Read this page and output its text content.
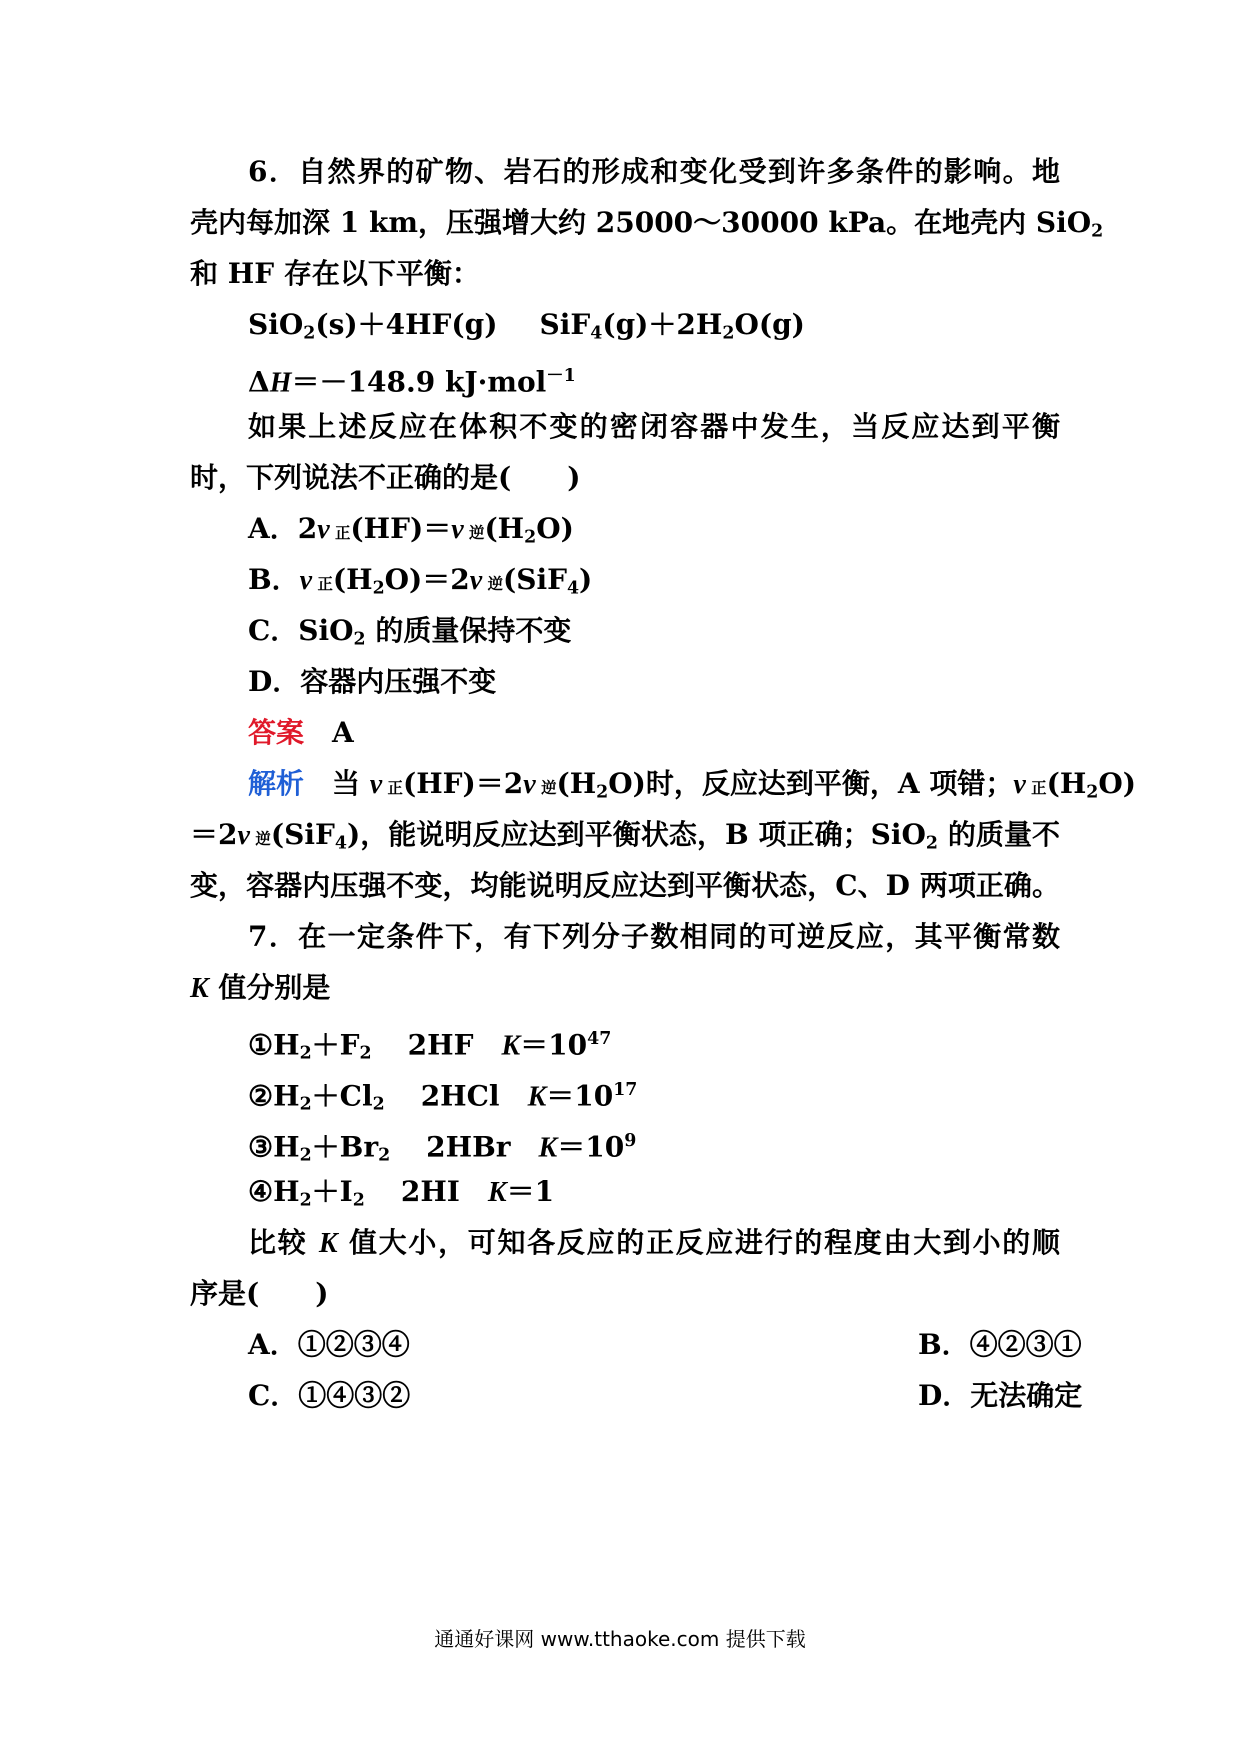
6．自然界的矿物、岩石的形成和变化受到许多条件的影响。地
壳内每加深 1 km，压强增大约 25000～30000 kPa。在地壳内 SiO$_2$
和 HF 存在以下平衡：
SiO$_2$(s)＋4HF(g) $SiF_4(g)+2H_2O(g)$
ΔH＝－148.9 kJ·mol$^{-1}$
如果上述反应在体积不变的密闭容器中发生，当反应达到平衡
时，下列说法不正确的是(　　)
A．2v 正(HF)＝v 逆$(H_2O)$
B．v 正$(H_2O)=2v$ 逆(SiF$_4$)
C．SiO$_2$ 的质量保持不变
D．容器内压强不变
答案　 A
解析　当 v 正(HF)＝2v 逆$(H_2O)$时，反应达到平衡，A 项错；v 正$(H_2O)$
＝2v 逆(SiF$_4$)，能说明反应达到平衡状态，B 项正确；SiO$_2$ 的质量不
变，容器内压强不变，均能说明反应达到平衡状态，C、D 两项正确。
7．在一定条件下，有下列分子数相同的可逆反应，其平衡常数
K 值分别是
$①H_2+F_2$ 2HF　$K=10^{47}$
$②H_2+Cl_2$ 2HCl　$K=10^{17}$
$③H_2+Br_2$ 2HBr　$K=10^9$
$④H_2+I_2$ 2HI　K＝1
比较 K 值大小，可知各反应的正反应进行的程度由大到小的顺
序是(　　)
A．①②③④	B．④②③①
C．①④③②	D．无法确定
通通好课网 www.tthaoke.com 提供下载
